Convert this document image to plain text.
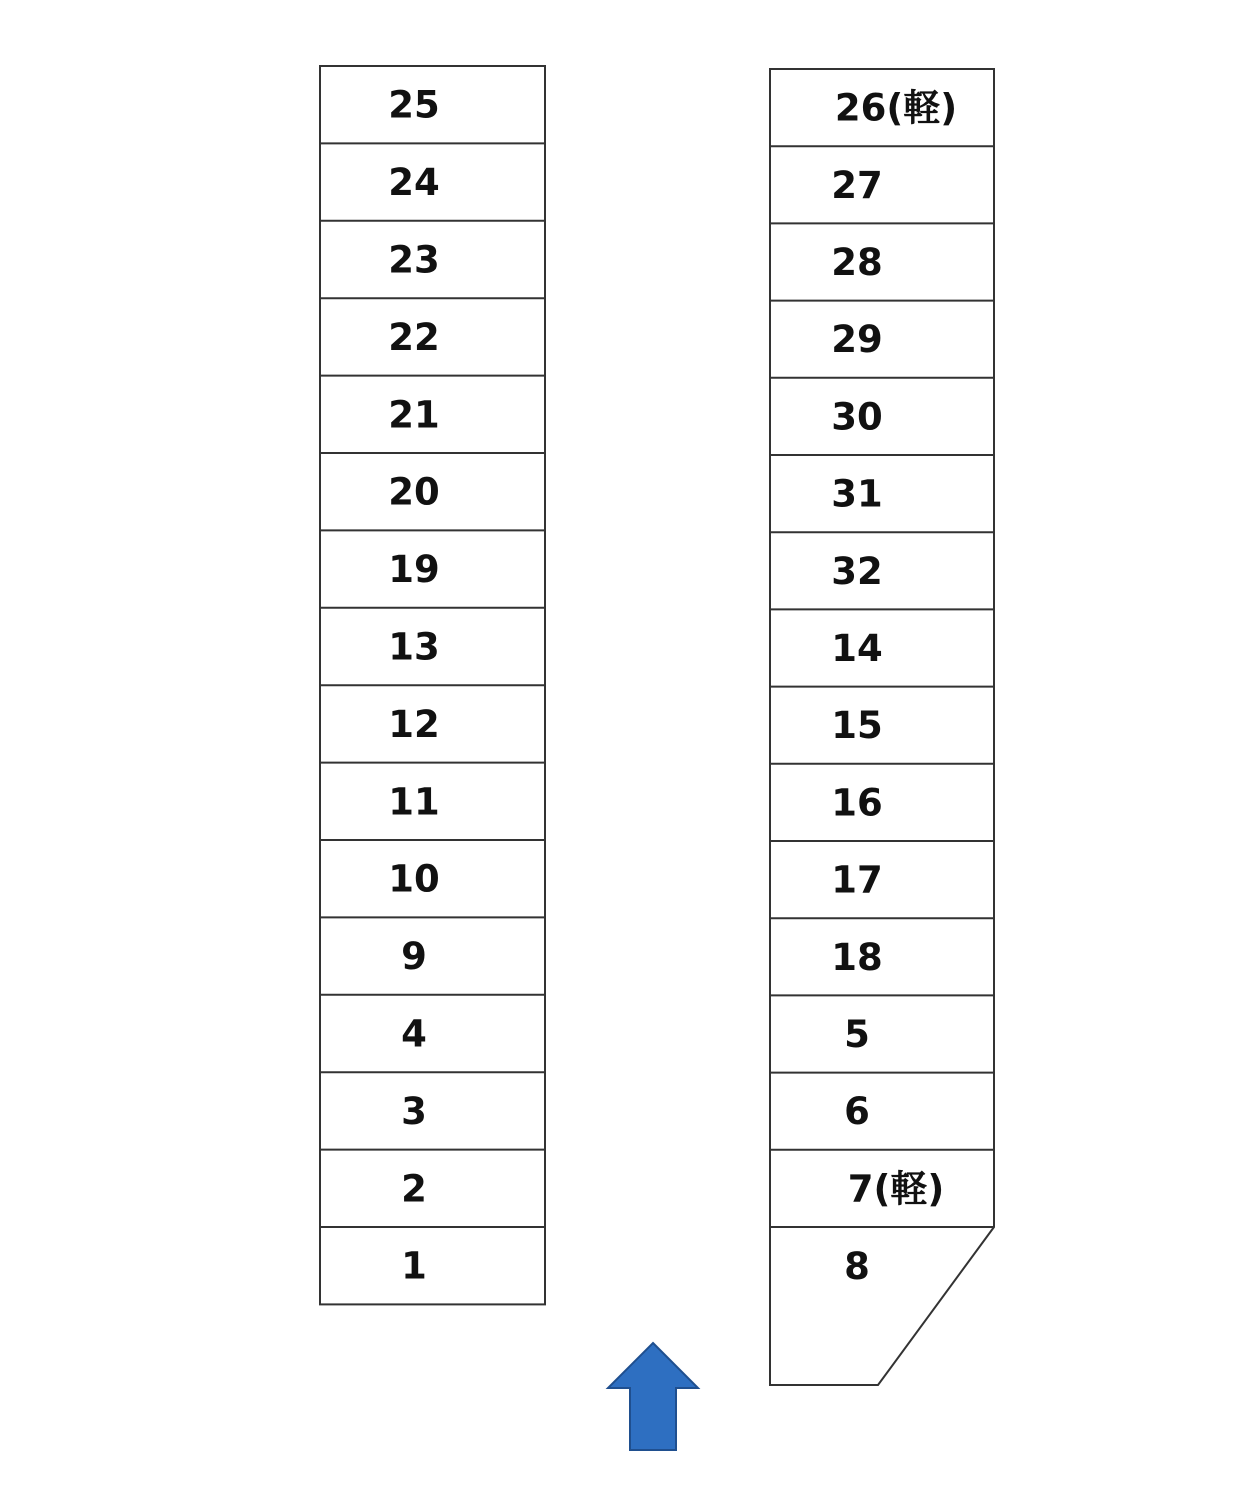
25
24
23
22
21
20
19
13
12
11
10
9
4
3
2
1
26(軽)
27
28
29
30
31
32
14
15
16
17
18
5
6
7(軽)
8
